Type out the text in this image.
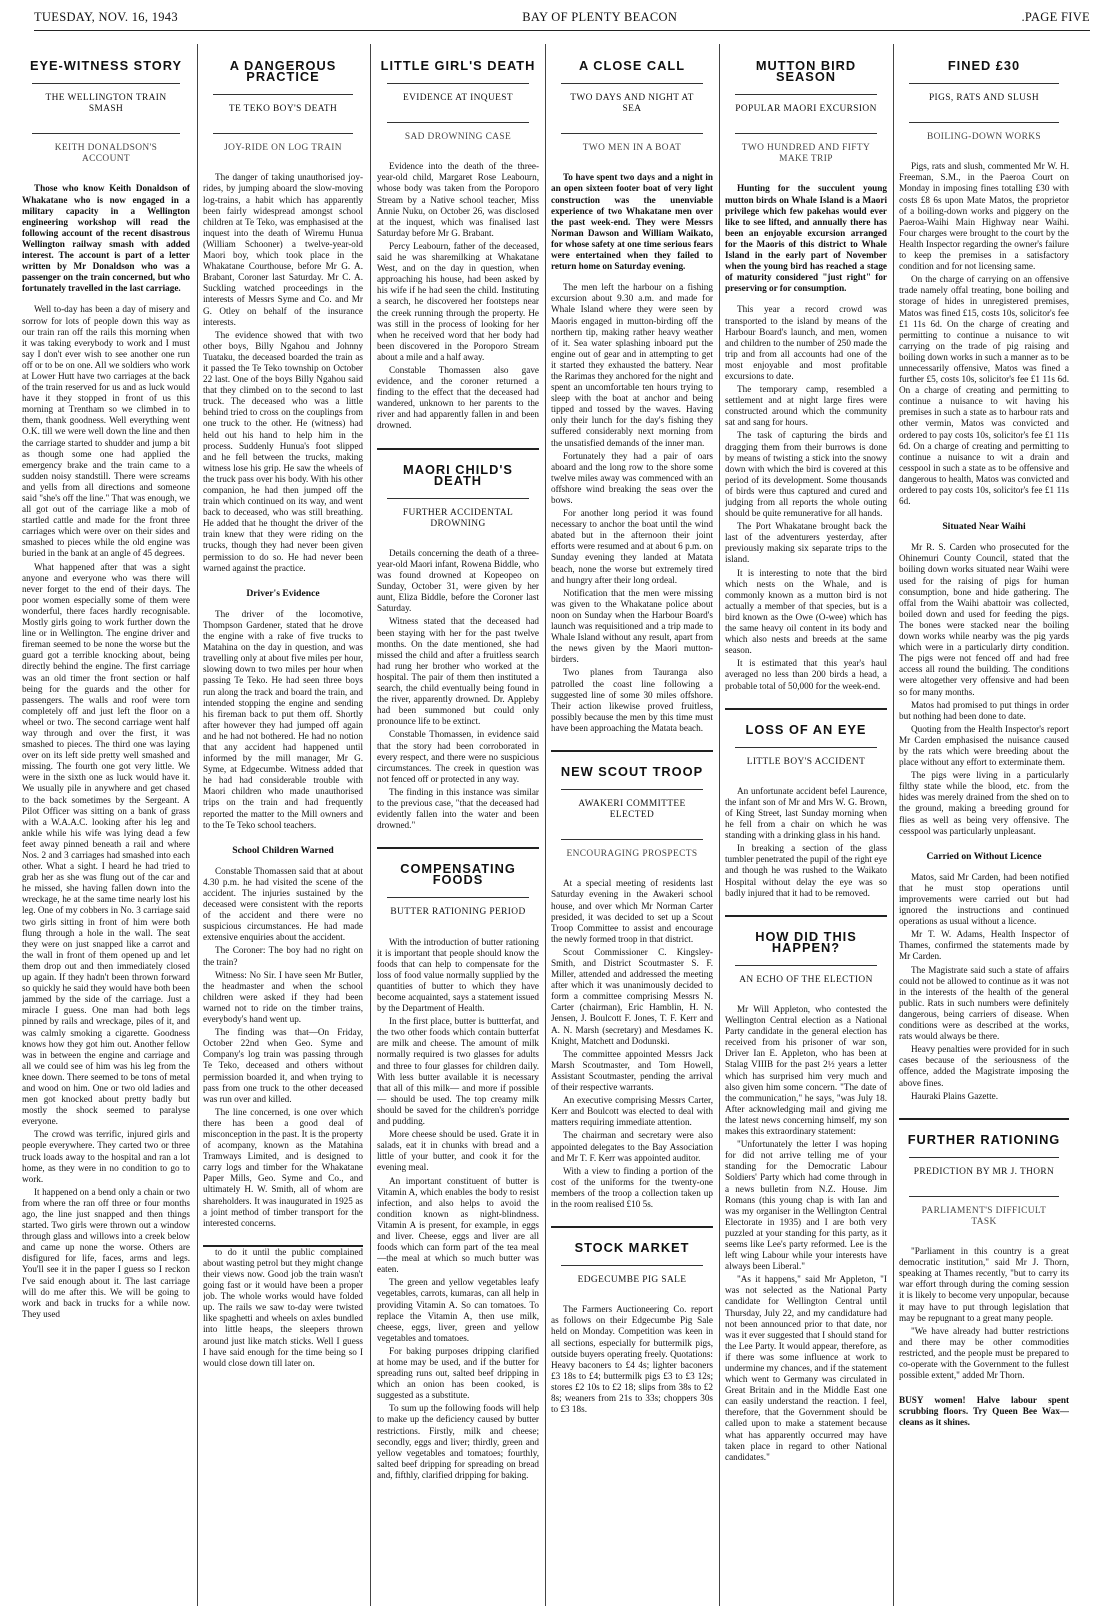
TUESDAY, NOV. 16, 1943	BAY OF PLENTY BEACON	.PAGE FIVE
EYE-WITNESS STORY
THE WELLINGTON TRAIN SMASH
KEITH DONALDSON'S ACCOUNT
Those who know Keith Donaldson of Whakatane who is now engaged in a military capacity in a Wellington engineering workshop will read the following account of the recent disastrous Wellington railway smash with added interest. The account is part of a letter written by Mr Donaldson who was a passenger on the train concerned, but who fortunately travelled in the last carriage.

Well to-day has been a day of misery and sorrow for lots of people down this way as our train ran off the rails this morning when it was taking everybody to work and I must say I don't ever wish to see another one run off or to be on one. All we soldiers who work at Lower Hutt have two carriages at the back of the train reserved for us and as luck would have it they stopped in front of us this morning at Trentham so we climbed in to them, thank goodness. Well everything went O.K. till we were well down the line and then the carriage started to shudder and jump a bit as though some one had applied the emergency brake and the train came to a sudden noisy standstill. There were screams and yells from all directions and someone said "she's off the line." That was enough, we all got out of the carriage like a mob of startled cattle and made for the front three carriages which were over on their sides and smashed to pieces while the old engine was buried in the bank at an angle of 45 degrees.

What happened after that was a sight anyone and everyone who was there will never forget to the end of their days. The poor women especially some of them were wonderful, there faces hardly recognisable. Mostly girls going to work further down the line or in Wellington. The engine driver and fireman seemed to be none the worse but the guard got a terrible knocking about, being directly behind the engine. The first carriage was an old timer the front section or half being for the guards and the other for passengers. The walls and roof were torn completely off and just left the floor on a wheel or two. The second carriage went half way through and over the first, it was smashed to pieces. The third one was laying over on its left side pretty well smashed and missing. The fourth one got very little. We were in the sixth one as luck would have it. We usually pile in anywhere and get chased to the back sometimes by the Sergeant. A Pilot Officer was sitting on a bank of grass with a W.A.A.C. looking after his leg and ankle while his wife was lying dead a few feet away pinned beneath a rail and where Nos. 2 and 3 carriages had smashed into each other. What a sight. I heard he had tried to grab her as she was flung out of the car and he missed, she having fallen down into the wreckage, he at the same time nearly lost his leg. One of my cobbers in No. 3 carriage said two girls sitting in front of him were both flung through a hole in the wall. The seat they were on just snapped like a carrot and the wall in front of them opened up and let them drop out and then immediately closed up again. If they hadn't been thrown forward so quickly he said they would have both been jammed by the side of the carriage. Just a miracle I guess. One man had both legs pinned by rails and wreckage, piles of it, and was calmly smoking a cigarette. Goodness knows how they got him out. Another fellow was in between the engine and carriage and all we could see of him was his leg from the knee down. There seemed to be tons of metal and wood on him. One or two old ladies and men got knocked about pretty badly but mostly the shock seemed to paralyse everyone.

The crowd was terrific, injured girls and people everywhere. They carted two or three truck loads away to the hospital and ran a lot home, as they were in no condition to go to work.

It happened on a bend only a chain or two from where the ran off three or four months ago, the line just snapped and then things started. Two girls were thrown out a window through glass and willows into a creek below and came up none the worse. Others are disfigured for life, faces, arms and legs. You'll see it in the paper I guess so I reckon I've said enough about it. The last carriage will do me after this. We will be going to work and back in trucks for a while now. They used

A DANGEROUS PRACTICE
TE TEKO BOY'S DEATH
JOY-RIDE ON LOG TRAIN

The danger of taking unauthorised joy-rides, by jumping aboard the slow-moving log-trains, a habit which has apparently been fairly widespread amongst school children at Te Teko, was emphasised at the inquest into the death of Wiremu Hunua (William Schooner) a twelve-year-old Maori boy, which took place in the Whakatane Courthouse, before Mr G. A. Brabant, Coroner last Saturday. Mr C. A. Suckling watched proceedings in the interests of Messrs Syme and Co. and Mr G. Otley on behalf of the insurance interests.

The evidence showed that with two other boys, Billy Ngahou and Johnny Tuataku, the deceased boarded the train as it passed the Te Teko township on October 22 last. One of the boys Billy Ngahou said that they climbed on to the second to last truck. The deceased who was a little behind tried to cross on the couplings from one truck to the other. He (witness) had held out his hand to help him in the process. Suddenly Hunua's foot slipped and he fell between the trucks, making witness lose his grip. He saw the wheels of the truck pass over his body. With his other companion, he had then jumped off the train which continued on its way, and went back to deceased, who was still breathing. He added that he thought the driver of the train knew that they were riding on the trucks, though they had never been given permission to do so. He had never been warned against the practice.

Driver's Evidence

The driver of the locomotive, Thompson Gardener, stated that he drove the engine with a rake of five trucks to Matahina on the day in question, and was travelling only at about five miles per hour, slowing down to two miles per hour when passing Te Teko. He had seen three boys run along the track and board the train, and intended stopping the engine and sending his fireman back to put them off. Shortly after however they had jumped off again and he had not bothered. He had no notion that any accident had happened until informed by the mill manager, Mr G. Syme, at Edgecumbe. Witness added that he had had considerable trouble with Maori children who made unauthorised trips on the train and had frequently reported the matter to the Mill owners and to the Te Teko school teachers.

School Children Warned

Constable Thomassen said that at about 4.30 p.m. he had visited the scene of the accident. The injuries sustained by the deceased were consistent with the reports of the accident and there were no suspicious circumstances. He had made extensive enquiries about the accident.

The Coroner: The boy had no right on the train?

Witness: No Sir. I have seen Mr Butler, the headmaster and when the school children were asked if they had been warned not to ride on the timber trains, everybody's hand went up.

The finding was that—On Friday, October 22nd when Geo. Syme and Company's log train was passing through Te Teko, deceased and others without permission boarded it, and when trying to pass from one truck to the other deceased was run over and killed.

The line concerned, is one over which there has been a good deal of misconception in the past. It is the property of acompany, known as the Matahina Tramways Limited, and is designed to carry logs and timber for the Whakatane Paper Mills, Geo. Syme and Co., and ultimately H. W. Smith, all of whom are shareholders. It was inaugurated in 1925 as a joint method of timber transport for the interested concerns.

to do it until the public complained about wasting petrol but they might change their views now. Good job the train wasn't going fast or it would have been a proper job. The whole works would have folded up. The rails we saw to-day were twisted like spaghetti and wheels on axles bundled into little heaps, the sleepers thrown around just like match sticks. Well I guess I have said enough for the time being so I would close down till later on.

LITTLE GIRL'S DEATH
EVIDENCE AT INQUEST
SAD DROWNING CASE

Evidence into the death of the three-year-old child, Margaret Rose Leabourn, whose body was taken from the Poroporo Stream by a Native school teacher, Miss Annie Nuku, on October 26, was disclosed at the inquest, which was finalised last Saturday before Mr G. Brabant.

Percy Leabourn, father of the deceased, said he was sharemilking at Whakatane West, and on the day in question, when approaching his house, had been asked by his wife if he had seen the child. Instituting a search, he discovered her footsteps near the creek running through the property. He was still in the process of looking for her when he received word that her body had been discovered in the Poroporo Stream about a mile and a half away.

Constable Thomassen also gave evidence, and the coroner returned a finding to the effect that the deceased had wandered, unknown to her parents to the river and had apparently fallen in and been drowned.

MAORI CHILD'S DEATH
FURTHER ACCIDENTAL DROWNING

Details concerning the death of a three-year-old Maori infant, Rowena Biddle, who was found drowned at Kopeopeo on Sunday, October 31, were given by her aunt, Eliza Biddle, before the Coroner last Saturday.

Witness stated that the deceased had been staying with her for the past twelve months. On the date mentioned, she had missed the child and after a fruitless search had rung her brother who worked at the hospital. The pair of them then instituted a search, the child eventually being found in the river, apparently drowned. Dr. Appleby had been summoned but could only pronounce life to be extinct.

Constable Thomassen, in evidence said that the story had been corroborated in every respect, and there were no suspicious circumstances. The creek in question was not fenced off or protected in any way.

The finding in this instance was similar to the previous case, "that the deceased had evidently fallen into the water and been drowned."

COMPENSATING FOODS
BUTTER RATIONING PERIOD

With the introduction of butter rationing it is important that people should know the foods that can help to compensate for the loss of food value normally supplied by the quantities of butter to which they have become acquainted, says a statement issued by the Department of Health.

In the first place, butter is buttterfat, and the two other foods which contain butterfat are milk and cheese. The amount of milk normally required is two glasses for adults and three to four glasses for children daily. With less butter available it is necessary that all of this milk— and more if possible— should be used. The top creamy milk should be saved for the children's porridge and pudding.

More cheese should be used. Grate it in salads, eat it in chunks with bread and a little of your butter, and cook it for the evening meal.

An important constituent of butter is Vitamin A, which enables the body to resist infection, and also helps to avoid the condition known as night-blindness. Vitamin A is present, for example, in eggs and liver. Cheese, eggs and liver are all foods which can form part of the tea meal—the meal at which so much butter was eaten.

The green and yellow vegetables leafy vegetables, carrots, kumaras, can all help in providing Vitamin A. So can tomatoes. To replace the Vitamin A, then use milk, cheese, eggs, liver, green and yellow vegetables and tomatoes.

For baking purposes dripping clarified at home may be used, and if the butter for spreading runs out, salted beef dripping in which an onion has been cooked, is suggested as a substitute.

To sum up the following foods will help to make up the deficiency caused by butter restrictions. Firstly, milk and cheese; secondly, eggs and liver; thirdly, green and yellow vegetables and tomatoes; fourthly, salted beef dripping for spreading on bread and, fifthly, clarified dripping for baking.

A CLOSE CALL
TWO DAYS AND NIGHT AT SEA
TWO MEN IN A BOAT
To have spent two days and a night in an open sixteen footer boat of very light construction was the unenviable experience of two Whakatane men over the past week-end. They were Messrs Norman Dawson and William Waikato, for whose safety at one time serious fears were entertained when they failed to return home on Saturday evening.

The men left the harbour on a fishing excursion about 9.30 a.m. and made for Whale Island where they were seen by Maoris engaged in mutton-birding off the northern tip, making rather heavy weather of it. Sea water splashing inboard put the engine out of gear and in attempting to get it started they exhausted the battery. Near the Rarimas they anchored for the night and spent an uncomfortable ten hours trying to sleep with the boat at anchor and being tipped and tossed by the waves. Having only their lunch for the day's fishing they suffered considerably next morning from the unsatisfied demands of the inner man.

Fortunately they had a pair of oars aboard and the long row to the shore some twelve miles away was commenced with an offshore wind breaking the seas over the bows.

For another long period it was found necessary to anchor the boat until the wind abated but in the afternoon their joint efforts were resumed and at about 6 p.m. on Sunday evening they landed at Matata beach, none the worse but extremely tired and hungry after their long ordeal.

Notification that the men were missing was given to the Whakatane police about noon on Sunday when the Harbour Board's launch was requisitioned and a trip made to Whale Island without any result, apart from the news given by the Maori mutton-birders.

Two planes from Tauranga also patrolled the coast line following a suggested line of some 30 miles offshore. Their action likewise proved fruitless, possibly because the men by this time must have been approaching the Matata beach.

NEW SCOUT TROOP
AWAKERI COMMITTEE ELECTED
ENCOURAGING PROSPECTS

At a special meeting of residents last Saturday evening in the Awakeri school house, and over which Mr Norman Carter presided, it was decided to set up a Scout Troop Committee to assist and encourage the newly formed troop in that district.

Scout Commissioner C. Kingsley-Smith, and District Scoutmaster S. F. Miller, attended and addressed the meeting after which it was unanimously decided to form a committee comprising Messrs N. Carter (chairman), Eric Hamblin, H. N. Jensen, J. Boulcott F. Jones, T. F. Kerr and A. N. Marsh (secretary) and Mesdames K. Knight, Matchett and Dodunski.

The committee appointed Messrs Jack Marsh Scoutmaster, and Tom Howell, Assistant Scoutmaster, pending the arrival of their respective warrants.

An executive comprising Messrs Carter, Kerr and Boulcott was elected to deal with matters requiring immediate attention.

The chairman and secretary were also appointed delegates to the Bay Association and Mr T. F. Kerr was appointed auditor.

With a view to finding a portion of the cost of the uniforms for the twenty-one members of the troop a collection taken up in the room realised £10 5s.

STOCK MARKET
EDGECUMBE PIG SALE

The Farmers Auctioneering Co. report as follows on their Edgecumbe Pig Sale held on Monday. Competition was keen in all sections, especially for buttermilk pigs, outside buyers operating freely. Quotations: Heavy baconers to £4 4s; lighter baconers £3 18s to £4; buttermilk pigs £3 to £3 12s; stores £2 10s to £2 18; slips from 38s to £2 8s; weaners from 21s to 33s; choppers 30s to £3 18s.

MUTTON BIRD SEASON
POPULAR MAORI EXCURSION
TWO HUNDRED AND FIFTY MAKE TRIP
Hunting for the succulent young mutton birds on Whale Island is a Maori privilege which few pakehas would ever like to see lifted, and annually there has been an enjoyable excursion arranged for the Maoris of this district to Whale Island in the early part of November when the young bird has reached a stage of maturity considered "just right" for preserving or for consumption.

This year a record crowd was transported to the island by means of the Harbour Board's launch, and men, women and children to the number of 250 made the trip and from all accounts had one of the most enjoyable and most profitable excursions to date.

The temporary camp, resembled a settlement and at night large fires were constructed around which the community sat and sang for hours.

The task of capturing the birds and dragging them from their burrows is done by means of twisting a stick into the snowy down with which the bird is covered at this period of its development. Some thousands of birds were thus captured and cured and judging from all reports the whole outing should be quite remunerative for all hands.

The Port Whakatane brought back the last of the adventurers yesterday, after previously making six separate trips to the island.

It is interesting to note that the bird which nests on the Whale, and is commonly known as a mutton bird is not actually a member of that species, but is a bird known as the Owe (O-wee) which has the same heavy oil content in its body and which also nests and breeds at the same season.

It is estimated that this year's haul averaged no less than 200 birds a head, a probable total of 50,000 for the week-end.

LOSS OF AN EYE
LITTLE BOY'S ACCIDENT

An unfortunate accident befel Laurence, the infant son of Mr and Mrs W. G. Brown, of King Street, last Sunday morning when he fell from a chair on which he was standing with a drinking glass in his hand.

In breaking a section of the glass tumbler penetrated the pupil of the right eye and though he was rushed to the Waikato Hospital without delay the eye was so badly injured that it had to be removed.

HOW DID THIS HAPPEN?
AN ECHO OF THE ELECTION

Mr Will Appleton, who contested the Wellington Central election as a National Party candidate in the general election has received from his prisoner of war son, Driver Ian E. Appleton, who has been at Stalag VIIIB for the past 2½ years a letter which has surprised him very much and also given him some concern. "The date of the communication," he says, "was July 18. After acknowledging mail and giving me the latest news concerning himself, my son makes this extraordinary statement:

"Unfortunately the letter I was hoping for did not arrive telling me of your standing for the Democratic Labour Soldiers' Party which had come through in a news bulletin from N.Z. House. Jim Romans (this young chap is with Ian and was my organiser in the Wellington Central Electorate in 1935) and I are both very puzzled at your standing for this party, as it seems like Lee's party reformed. Lee is the left wing Labour while your interests have always been Liberal."

"As it happens," said Mr Appleton, "I was not selected as the National Party candidate for Wellington Central until Thursday, July 22, and my candidature had not been announced prior to that date, nor was it ever suggested that I should stand for the Lee Party. It would appear, therefore, as if there was some influence at work to undermine my chances, and if the statement which went to Germany was circulated in Great Britain and in the Middle East one can easily understand the reaction. I feel, therefore, that the Government should be called upon to make a statement because what has apparently occurred may have taken place in regard to other National candidates."

FINED £30
PIGS, RATS AND SLUSH
BOILING-DOWN WORKS

Pigs, rats and slush, commented Mr W. H. Freeman, S.M., in the Paeroa Court on Monday in imposing fines totalling £30 with costs £8 6s upon Mate Matos, the proprietor of a boiling-down works and piggery on the Paeroa-Waihi Main Highway near Waihi. Four charges were brought to the court by the Health Inspector regarding the owner's failure to keep the premises in a satisfactory condition and for not licensing same.

On the charge of carrying on an offensive trade namely offal treating, bone boiling and storage of hides in unregistered premises, Matos was fined £15, costs 10s, solicitor's fee £1 11s 6d. On the charge of creating and permitting to continue a nuisance to wit carrying on the trade of pig raising and boiling down works in such a manner as to be unnecessarily offensive, Matos was fined a further £5, costs 10s, solicitor's fee £1 11s 6d. On a charge of creating and permitting to continue a nuisance to wit having his premises in such a state as to harbour rats and other vermin, Matos was convicted and ordered to pay costs 10s, solicitor's fee £1 11s 6d. On a charge of creating and permitting to continue a nuisance to wit a drain and cesspool in such a state as to be offensive and dangerous to health, Matos was convicted and ordered to pay costs 10s, solicitor's fee £1 11s 6d.

Situated Near Waihi

Mr R. S. Carden who prosecuted for the Ohinemuri County Council, stated that the boiling down works situated near Waihi were used for the raising of pigs for human consumption, bone and hide gathering. The offal from the Waihi abattoir was collected, boiled down and used for feeding the pigs. The bones were stacked near the boiling down works while nearby was the pig yards which were in a particularly dirty condition. The pigs were not fenced off and had free access all round the building. The conditions were altogether very offensive and had been so for many months.

Matos had promised to put things in order but nothing had been done to date.

Quoting from the Health Inspector's report Mr Carden emphasised the nuisance caused by the rats which were breeding about the place without any effort to exterminate them.

The pigs were living in a particularly filthy state while the blood, etc. from the hides was merely drained from the shed on to the ground, making a breeding ground for flies as well as being very offensive. The cesspool was particularly unpleasant.

Carried on Without Licence

Matos, said Mr Carden, had been notified that he must stop operations until improvements were carried out but had ignored the instructions and continued operations as usual without a licence.

Mr T. W. Adams, Health Inspector of Thames, confirmed the statements made by Mr Carden.

The Magistrate said such a state of affairs could not be allowed to continue as it was not in the interests of the health of the general public. Rats in such numbers were definitely dangerous, being carriers of disease. When conditions were as described at the works, rats would always be there.

Heavy penalties were provided for in such cases because of the seriousness of the offence, added the Magistrate imposing the above fines.

Hauraki Plains Gazette.

FURTHER RATIONING
PREDICTION BY MR J. THORN
PARLIAMENT'S DIFFICULT TASK

"Parliament in this country is a great democratic institution," said Mr J. Thorn, speaking at Thames recently, "but to carry its war effort through during the coming session it is likely to become very unpopular, because it may have to put through legislation that may be repugnant to a great many people.

"We have already had butter restrictions and there may be other commodities restricted, and the people must be prepared to co-operate with the Government to the fullest possible extent," added Mr Thorn.

BUSY women! Halve labour spent scrubbing floors. Try Queen Bee Wax—cleans as it shines.
